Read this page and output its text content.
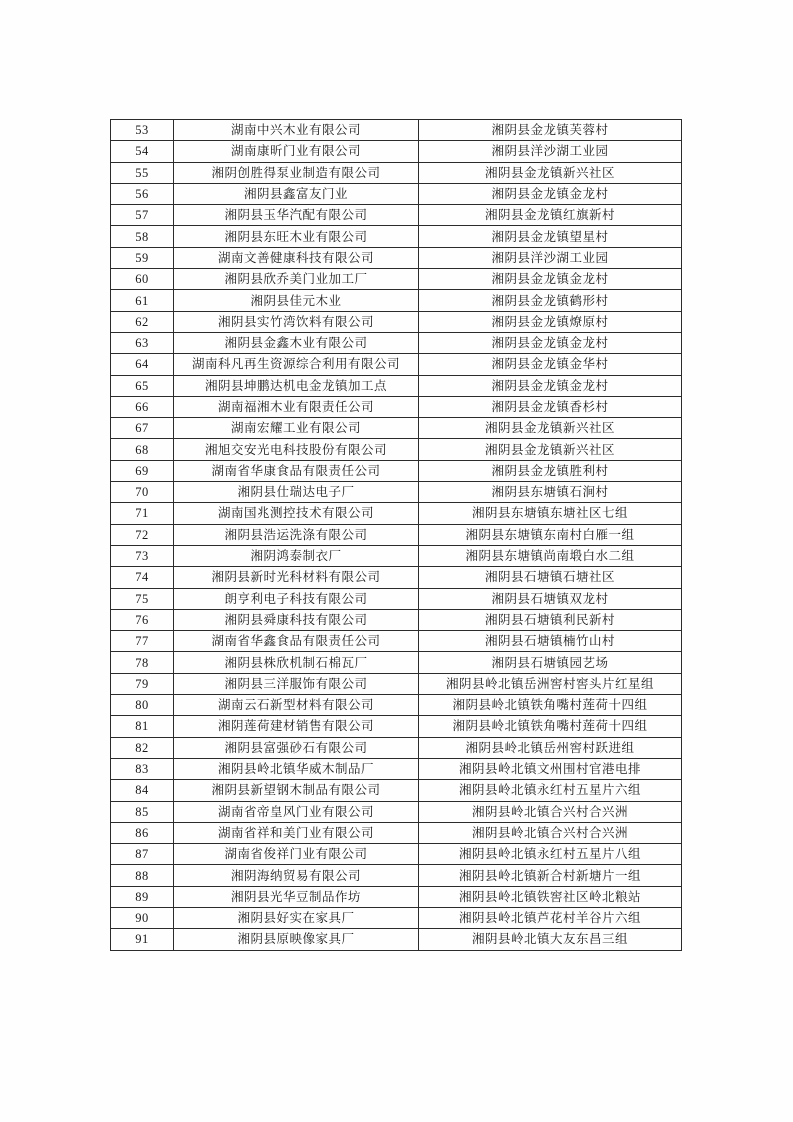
53	湖南中兴木业有限公司	湘阴县金龙镇芙蓉村
54	湖南康昕门业有限公司	湘阴县洋沙湖工业园
55	湘阴创胜得泵业制造有限公司	湘阴县金龙镇新兴社区
56	湘阴县鑫富友门业	湘阴县金龙镇金龙村
57	湘阴县玉华汽配有限公司	湘阴县金龙镇红旗新村
58	湘阴县东旺木业有限公司	湘阴县金龙镇望星村
59	湖南文善健康科技有限公司	湘阴县洋沙湖工业园
60	湘阴县欣乔美门业加工厂	湘阴县金龙镇金龙村
61	湘阴县佳元木业	湘阴县金龙镇鹤形村
62	湘阴县实竹湾饮料有限公司	湘阴县金龙镇燎原村
63	湘阴县金鑫木业有限公司	湘阴县金龙镇金龙村
64	湖南科凡再生资源综合利用有限公司	湘阴县金龙镇金华村
65	湘阴县坤鹏达机电金龙镇加工点	湘阴县金龙镇金龙村
66	湖南福湘木业有限责任公司	湘阴县金龙镇香杉村
67	湖南宏耀工业有限公司	湘阴县金龙镇新兴社区
68	湘旭交安光电科技股份有限公司	湘阴县金龙镇新兴社区
69	湖南省华康食品有限责任公司	湘阴县金龙镇胜利村
70	湘阴县仕瑞达电子厂	湘阴县东塘镇石涧村
71	湖南国兆测控技术有限公司	湘阴县东塘镇东塘社区七组
72	湘阴县浩运洗涤有限公司	湘阴县东塘镇东南村白雁一组
73	湘阴鸿泰制衣厂	湘阴县东塘镇尚南塅白水二组
74	湘阴县新时光科材料有限公司	湘阴县石塘镇石塘社区
75	朗亨利电子科技有限公司	湘阴县石塘镇双龙村
76	湘阴县舜康科技有限公司	湘阴县石塘镇利民新村
77	湖南省华鑫食品有限责任公司	湘阴县石塘镇楠竹山村
78	湘阴县株欣机制石棉瓦厂	湘阴县石塘镇园艺场
79	湘阴县三洋服饰有限公司	湘阴县岭北镇岳洲窖村窖头片红星组
80	湖南云石新型材料有限公司	湘阴县岭北镇铁角嘴村莲荷十四组
81	湘阴莲荷建材销售有限公司	湘阴县岭北镇铁角嘴村莲荷十四组
82	湘阴县富强砂石有限公司	湘阴县岭北镇岳州窖村跃进组
83	湘阴县岭北镇华威木制品厂	湘阴县岭北镇文州围村官港电排
84	湘阴县新望钢木制品有限公司	湘阴县岭北镇永红村五星片六组
85	湖南省帝皇风门业有限公司	湘阴县岭北镇合兴村合兴洲
86	湖南省祥和美门业有限公司	湘阴县岭北镇合兴村合兴洲
87	湖南省俊祥门业有限公司	湘阴县岭北镇永红村五星片八组
88	湘阴海纳贸易有限公司	湘阴县岭北镇新合村新塘片一组
89	湘阴县光华豆制品作坊	湘阴县岭北镇铁窖社区岭北粮站
90	湘阴县好实在家具厂	湘阴县岭北镇芦花村羊谷片六组
91	湘阴县原映像家具厂	湘阴县岭北镇大友东昌三组
